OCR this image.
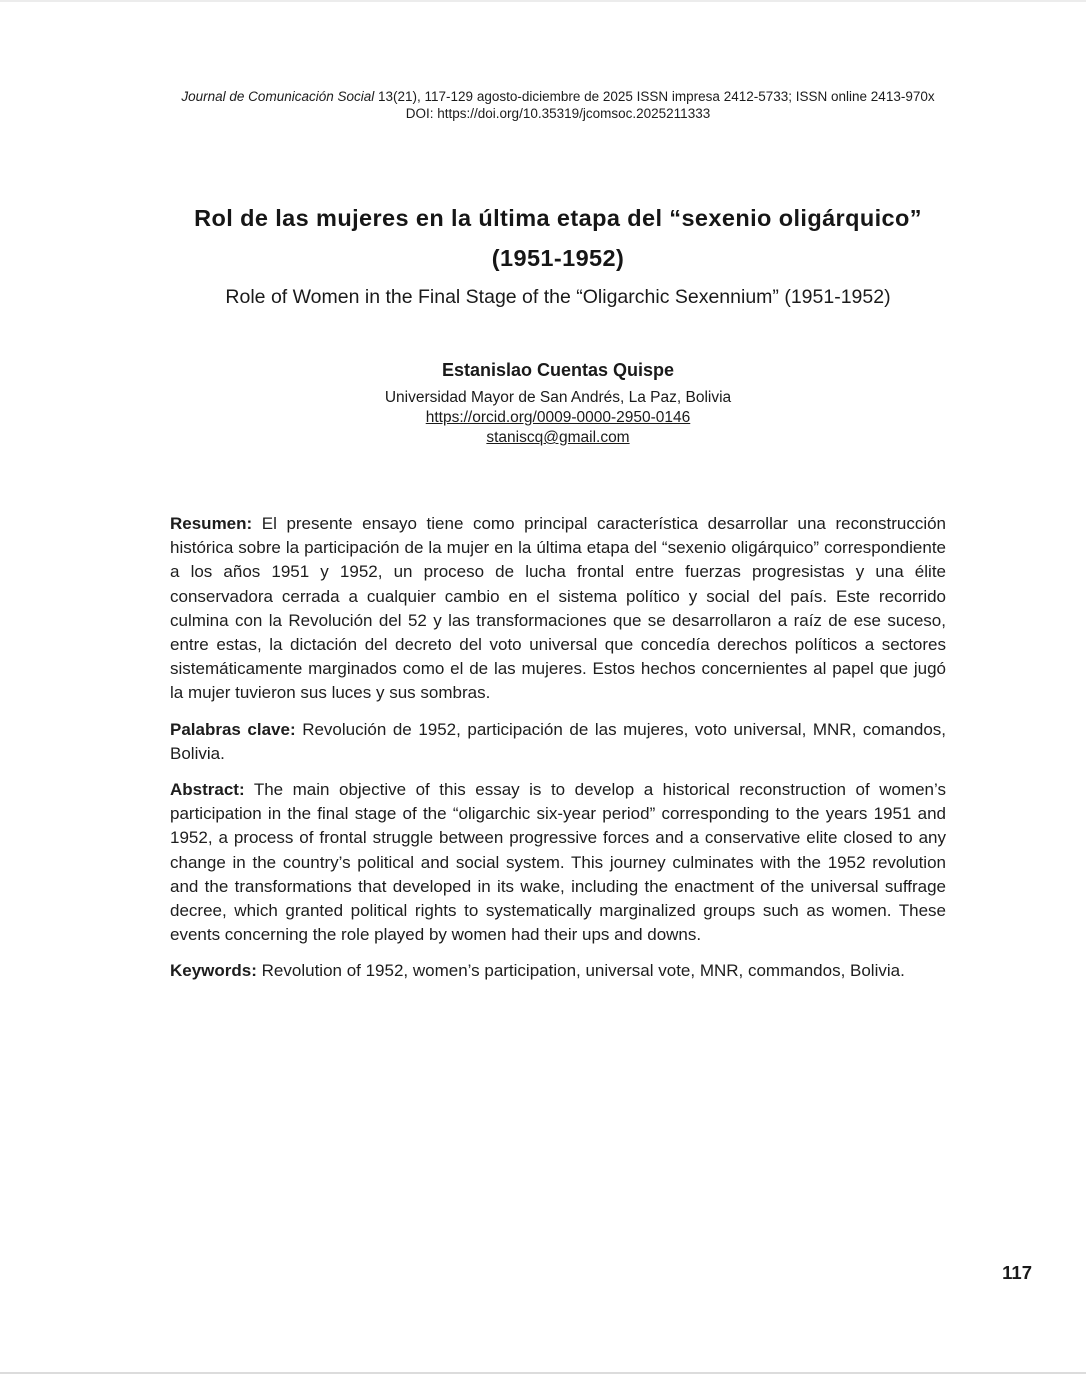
Journal de Comunicación Social 13(21), 117-129 agosto-diciembre de 2025 ISSN impresa 2412-5733; ISSN online 2413-970x
DOI: https://doi.org/10.35319/jcomsoc.2025211333
Rol de las mujeres en la última etapa del “sexenio oligárquico”
(1951-1952)
Role of Women in the Final Stage of the “Oligarchic Sexennium” (1951-1952)
Estanislao Cuentas Quispe
Universidad Mayor de San Andrés, La Paz, Bolivia
https://orcid.org/0009-0000-2950-0146
staniscq@gmail.com

Resumen: El presente ensayo tiene como principal característica desarrollar una reconstrucción histórica sobre la participación de la mujer en la última etapa del “sexenio oligárquico” correspondiente a los años 1951 y 1952, un proceso de lucha frontal entre fuerzas progresistas y una élite conservadora cerrada a cualquier cambio en el sistema político y social del país. Este recorrido culmina con la Revolución del 52 y las transformaciones que se desarrollaron a raíz de ese suceso, entre estas, la dictación del decreto del voto universal que concedía derechos políticos a sectores sistemáticamente marginados como el de las mujeres. Estos hechos concernientes al papel que jugó la mujer tuvieron sus luces y sus sombras.

Palabras clave: Revolución de 1952, participación de las mujeres, voto universal, MNR, comandos, Bolivia.

Abstract: The main objective of this essay is to develop a historical reconstruction of women’s participation in the final stage of the “oligarchic six-year period” corresponding to the years 1951 and 1952, a process of frontal struggle between progressive forces and a conservative elite closed to any change in the country’s political and social system. This journey culminates with the 1952 revolution and the transformations that developed in its wake, including the enactment of the universal suffrage decree, which granted political rights to systematically marginalized groups such as women. These events concerning the role played by women had their ups and downs.

Keywords: Revolution of 1952, women’s participation, universal vote, MNR, commandos, Bolivia.

117
